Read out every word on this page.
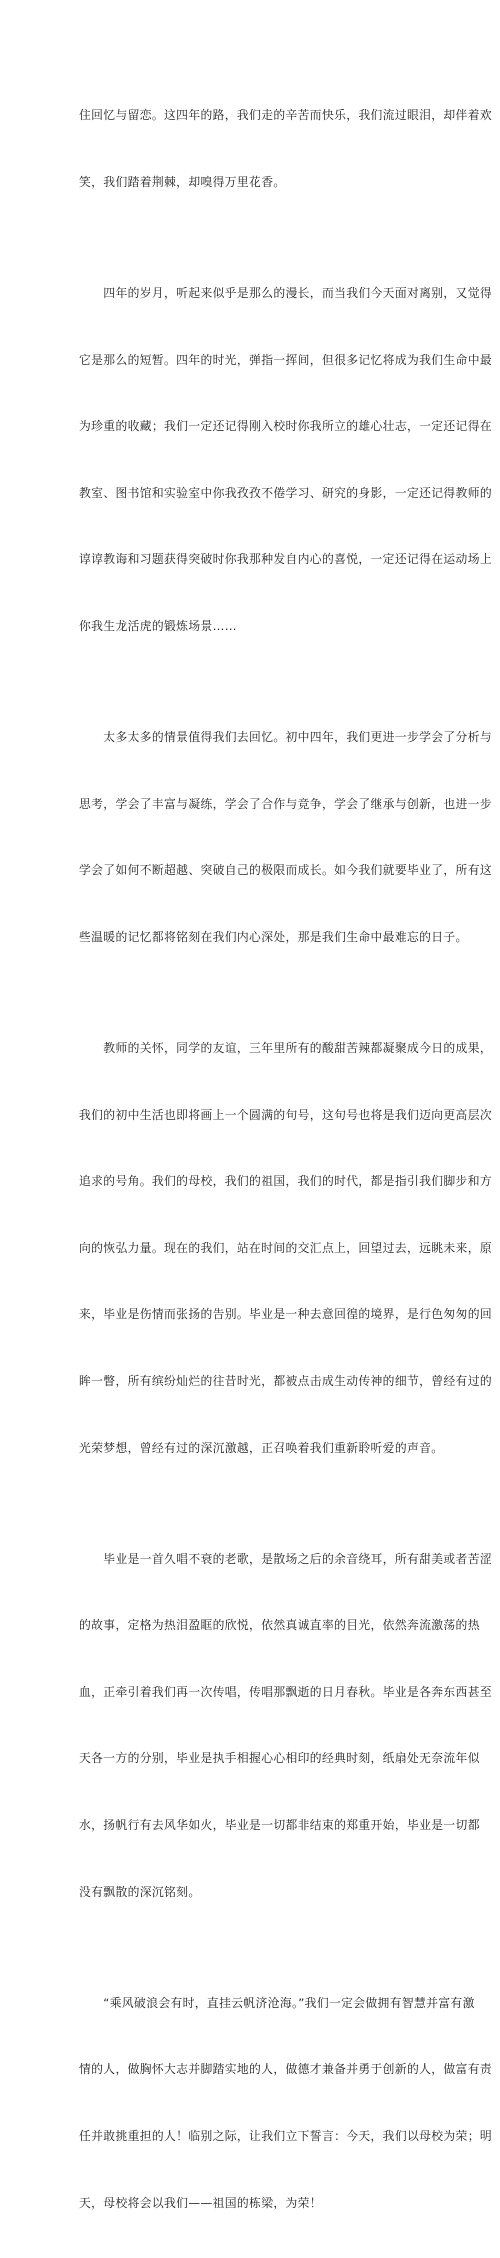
住回忆与留恋。这四年的路，我们走的辛苦而快乐，我们流过眼泪，却伴着欢

笑，我们踏着荆棘，却嗅得万里花香。

　　四年的岁月，听起来似乎是那么的漫长，而当我们今天面对离别，又觉得

它是那么的短暂。四年的时光，弹指一挥间，但很多记忆将成为我们生命中最

为珍重的收藏；我们一定还记得刚入校时你我所立的雄心壮志，一定还记得在

教室、图书馆和实验室中你我孜孜不倦学习、研究的身影，一定还记得教师的

谆谆教诲和习题获得突破时你我那种发自内心的喜悦，一定还记得在运动场上

你我生龙活虎的锻炼场景……

　　太多太多的情景值得我们去回忆。初中四年，我们更进一步学会了分析与

思考，学会了丰富与凝练，学会了合作与竞争，学会了继承与创新，也进一步

学会了如何不断超越、突破自己的极限而成长。如今我们就要毕业了，所有这

些温暖的记忆都将铭刻在我们内心深处，那是我们生命中最难忘的日子。

　　教师的关怀，同学的友谊，三年里所有的酸甜苦辣都凝聚成今日的成果，

我们的初中生活也即将画上一个圆满的句号，这句号也将是我们迈向更高层次

追求的号角。我们的母校，我们的祖国，我们的时代，都是指引我们脚步和方

向的恢弘力量。现在的我们，站在时间的交汇点上，回望过去，远眺未来，原

来，毕业是伤情而张扬的告别。毕业是一种去意回徨的境界，是行色匆匆的回

眸一瞥，所有缤纷灿烂的往昔时光，都被点击成生动传神的细节，曾经有过的

光荣梦想，曾经有过的深沉激越，正召唤着我们重新聆听爱的声音。

　　毕业是一首久唱不衰的老歌，是散场之后的余音绕耳，所有甜美或者苦涩

的故事，定格为热泪盈眶的欣悦，依然真诚直率的目光，依然奔流激荡的热

血，正牵引着我们再一次传唱，传唱那飘逝的日月春秋。毕业是各奔东西甚至

天各一方的分别，毕业是执手相握心心相印的经典时刻，纸扇处无奈流年似

水，扬帆行有去风华如火，毕业是一切都非结束的郑重开始，毕业是一切都

没有飘散的深沉铭刻。

　　“乘风破浪会有时，直挂云帆济沧海。”我们一定会做拥有智慧并富有激

情的人，做胸怀大志并脚踏实地的人，做德才兼备并勇于创新的人，做富有责

任并敢挑重担的人！临别之际，让我们立下誓言：今天，我们以母校为荣；明

天，母校将会以我们——祖国的栋梁，为荣！
